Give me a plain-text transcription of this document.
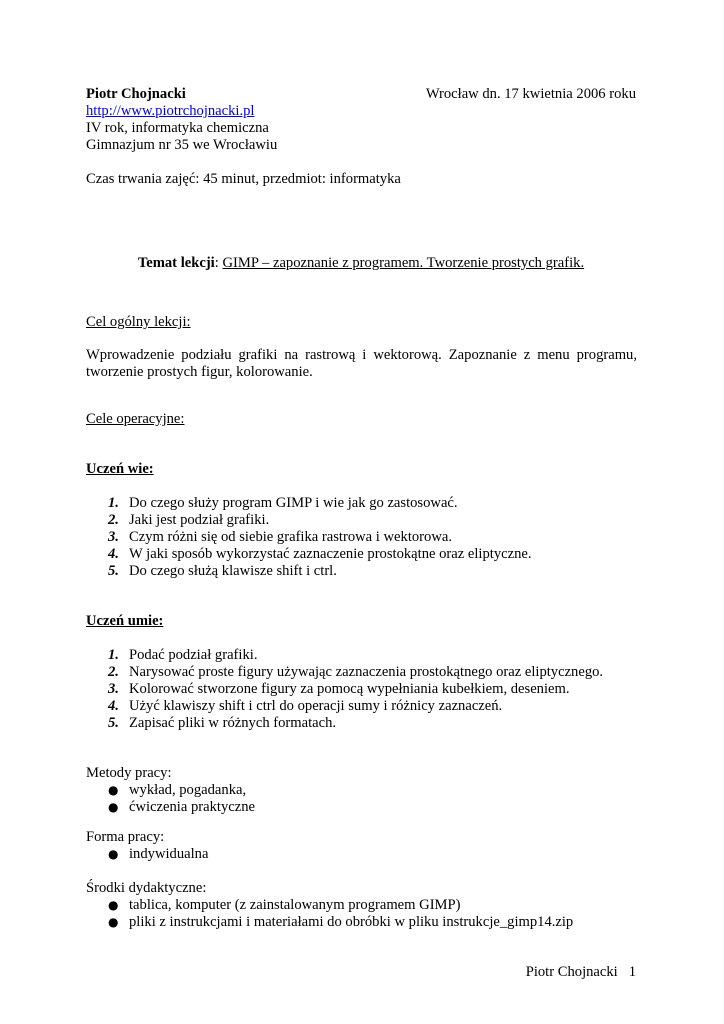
Piotr Chojnacki	Wrocław dn. 17 kwietnia 2006 roku
http://www.piotrchojnacki.pl
IV rok, informatyka chemiczna
Gimnazjum nr 35 we Wrocławiu
Czas trwania zajęć: 45 minut, przedmiot: informatyka
Temat lekcji: GIMP – zapoznanie z programem. Tworzenie prostych grafik.
Cel ogólny lekcji:
Wprowadzenie podziału grafiki na rastrową i wektorową. Zapoznanie z menu programu, tworzenie prostych figur, kolorowanie.
Cele operacyjne:
Uczeń wie:
1. Do czego służy program GIMP i wie jak go zastosować.
2. Jaki jest podział grafiki.
3. Czym różni się od siebie grafika rastrowa i wektorowa.
4. W jaki sposób wykorzystać zaznaczenie prostokątne oraz eliptyczne.
5. Do czego służą klawisze shift i ctrl.
Uczeń umie:
1. Podać podział grafiki.
2. Narysować proste figury używając zaznaczenia prostokątnego oraz eliptycznego.
3. Kolorować stworzone figury za pomocą wypełniania kubełkiem, deseniem.
4. Użyć klawiszy shift i ctrl do operacji sumy i różnicy zaznaczeń.
5. Zapisać pliki w różnych formatach.
Metody pracy:
● wykład, pogadanka,
● ćwiczenia praktyczne
Forma pracy:
● indywidualna
Środki dydaktyczne:
● tablica, komputer (z zainstalowanym programem GIMP)
● pliki z instrukcjami i materiałami do obróbki w pliku instrukcje_gimp14.zip
Piotr Chojnacki 1
